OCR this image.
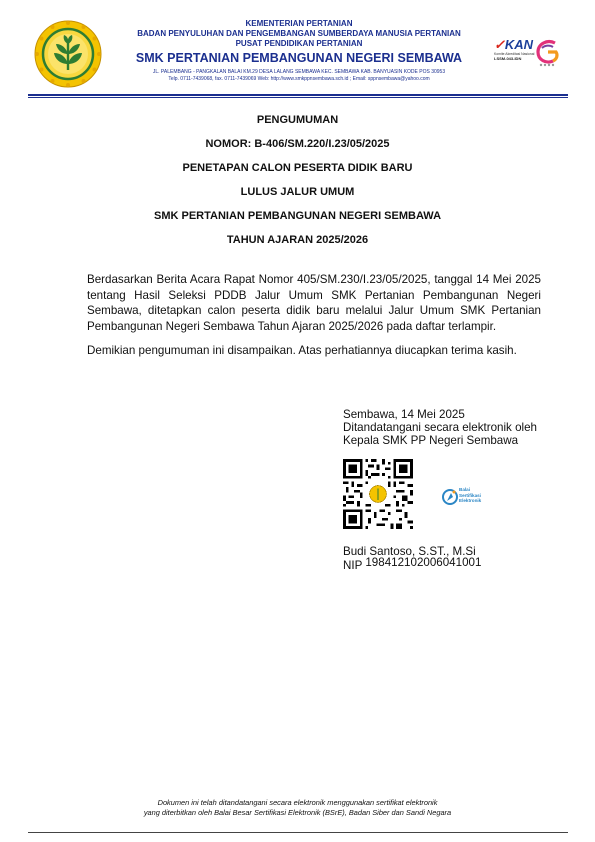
KEMENTERIAN PERTANIAN
BADAN PENYULUHAN DAN PENGEMBANGAN SUMBERDAYA MANUSIA PERTANIAN
PUSAT PENDIDIKAN PERTANIAN
SMK PERTANIAN PEMBANGUNAN NEGERI SEMBAWA
JL. PALEMBANG - PANGKALAN BALAI KM.29 DESA LALANG SEMBAWA KEC. SEMBAWA KAB. BANYUASIN KODE POS 30953
Telp. 0711-7439068, fax. 0711-7439069 Web: http://www.smkppnsembawa.sch.id ; Email: sppnsembawa@yahoo.com
✓KAN
Komite Akreditasi Nasional
LSSM-043-IDN
PENGUMUMAN
NOMOR: B-406/SM.220/I.23/05/2025
PENETAPAN CALON PESERTA DIDIK BARU
LULUS JALUR UMUM
SMK PERTANIAN PEMBANGUNAN NEGERI SEMBAWA
TAHUN AJARAN 2025/2026

Berdasarkan Berita Acara Rapat Nomor 405/SM.230/I.23/05/2025, tanggal 14 Mei 2025 tentang Hasil Seleksi PDDB Jalur Umum SMK Pertanian Pembangunan Negeri Sembawa, ditetapkan calon peserta didik baru melalui Jalur Umum SMK Pertanian Pembangunan Negeri Sembawa Tahun Ajaran 2025/2026 pada daftar terlampir.

Demikian pengumuman ini disampaikan. Atas perhatiannya diucapkan terima kasih.

Sembawa, 14 Mei 2025
Ditandatangani secara elektronik oleh
Kepala SMK PP Negeri Sembawa
Balai
Sertifikasi
Elektronik
Budi Santoso, S.ST., M.Si
NIP 198412102006041001
Dokumen ini telah ditandatangani secara elektronik menggunakan sertifikat elektronik
yang diterbitkan oleh Balai Besar Sertifikasi Elektronik (BSrE), Badan Siber dan Sandi Negara
